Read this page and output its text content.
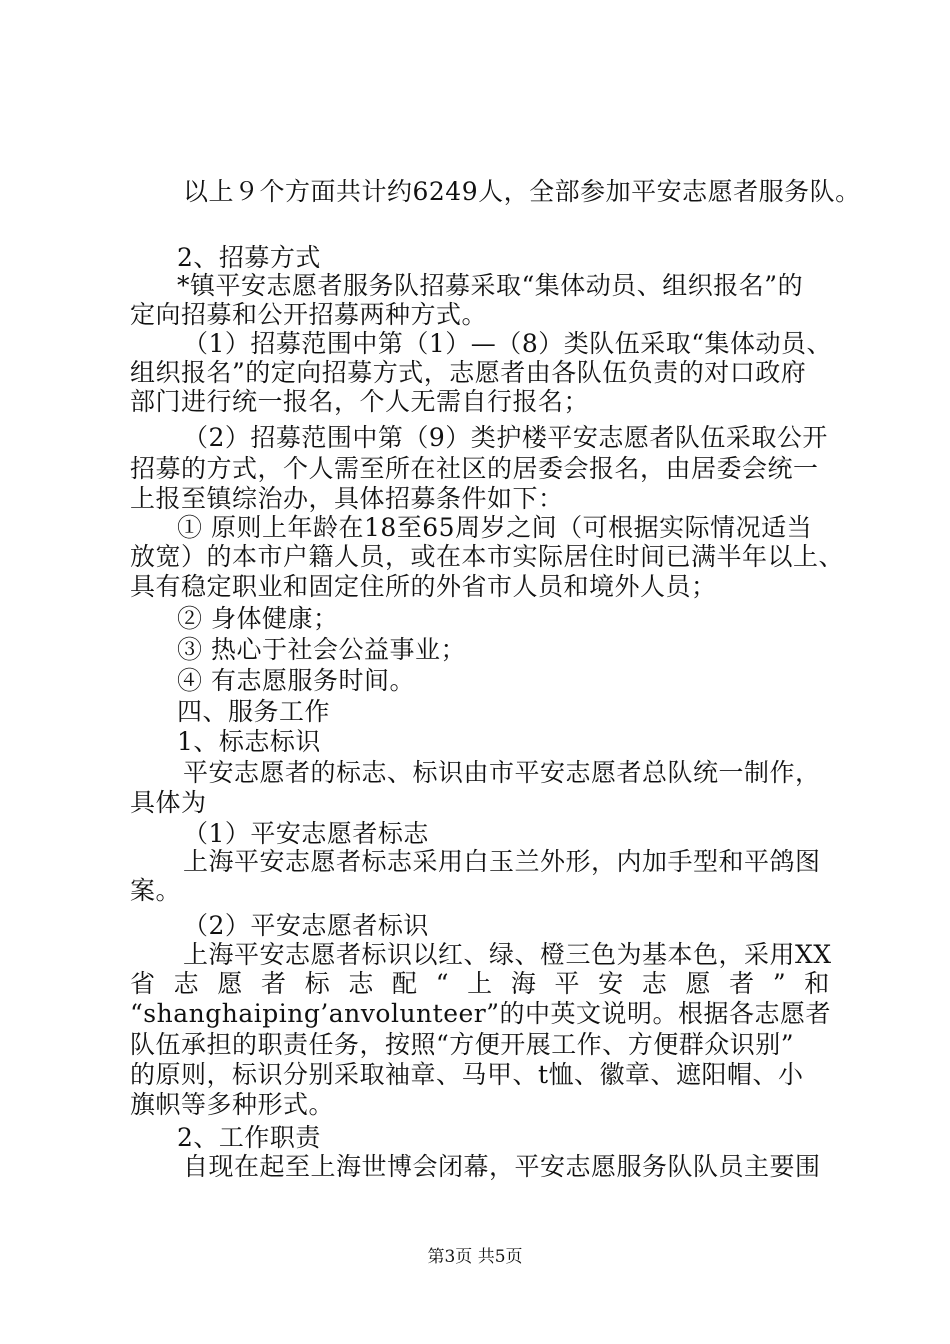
以上９个方面共计约6249人，全部参加平安志愿者服务队。
2、招募方式
*镇平安志愿者服务队招募采取“集体动员、组织报名”的
定向招募和公开招募两种方式。
（1）招募范围中第（1）—（8）类队伍采取“集体动员、
组织报名”的定向招募方式，志愿者由各队伍负责的对口政府
部门进行统一报名，个人无需自行报名；
（2）招募范围中第（9）类护楼平安志愿者队伍采取公开
招募的方式，个人需至所在社区的居委会报名，由居委会统一
上报至镇综治办，具体招募条件如下：
① 原则上年龄在18至65周岁之间（可根据实际情况适当
放宽）的本市户籍人员，或在本市实际居住时间已满半年以上、
具有稳定职业和固定住所的外省市人员和境外人员；
② 身体健康；
③ 热心于社会公益事业；
④ 有志愿服务时间。
四、服务工作
1、标志标识
平安志愿者的标志、标识由市平安志愿者总队统一制作，
具体为
（1）平安志愿者标志
上海平安志愿者标志采用白玉兰外形，内加手型和平鸽图
案。
（2）平安志愿者标识
上海平安志愿者标识以红、绿、橙三色为基本色，采用XX
省 志 愿 者 标 志 配 “ 上 海 平 安 志 愿 者 ” 和
“shanghaiping’anvolunteer”的中英文说明。根据各志愿者
队伍承担的职责任务，按照“方便开展工作、方便群众识别”
的原则，标识分别采取袖章、马甲、t恤、徽章、遮阳帽、小
旗帜等多种形式。
2、工作职责
自现在起至上海世博会闭幕，平安志愿服务队队员主要围
第3页 共5页
